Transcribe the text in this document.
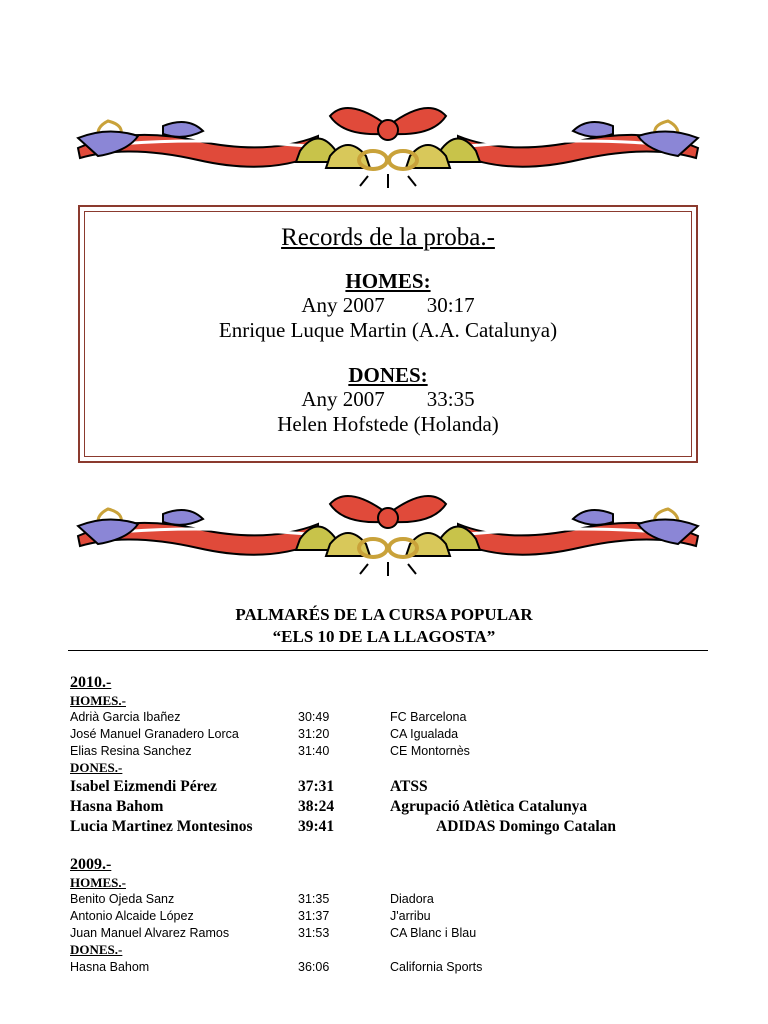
Records de la proba.-
HOMES:
Any 2007 30:17
Enrique Luque Martin (A.A. Catalunya)
DONES:
Any 2007 33:35
Helen Hofstede (Holanda)
PALMARÉS DE LA CURSA POPULAR
“ELS 10 DE LA LLAGOSTA”
2010.-
HOMES.-
Adrià Garcia Ibañez	30:49	FC Barcelona
José Manuel Granadero Lorca	31:20	CA Igualada
Elias Resina Sanchez	31:40	CE Montornès
DONES.-
Isabel Eizmendi Pérez	37:31	ATSS
Hasna Bahom	38:24	Agrupació Atlètica Catalunya
Lucia Martinez Montesinos	39:41	ADIDAS Domingo Catalan
2009.-
HOMES.-
Benito Ojeda Sanz	31:35	Diadora
Antonio Alcaide López	31:37	J'arribu
Juan Manuel Alvarez Ramos	31:53	CA Blanc i Blau
DONES.-
Hasna Bahom	36:06	California Sports
